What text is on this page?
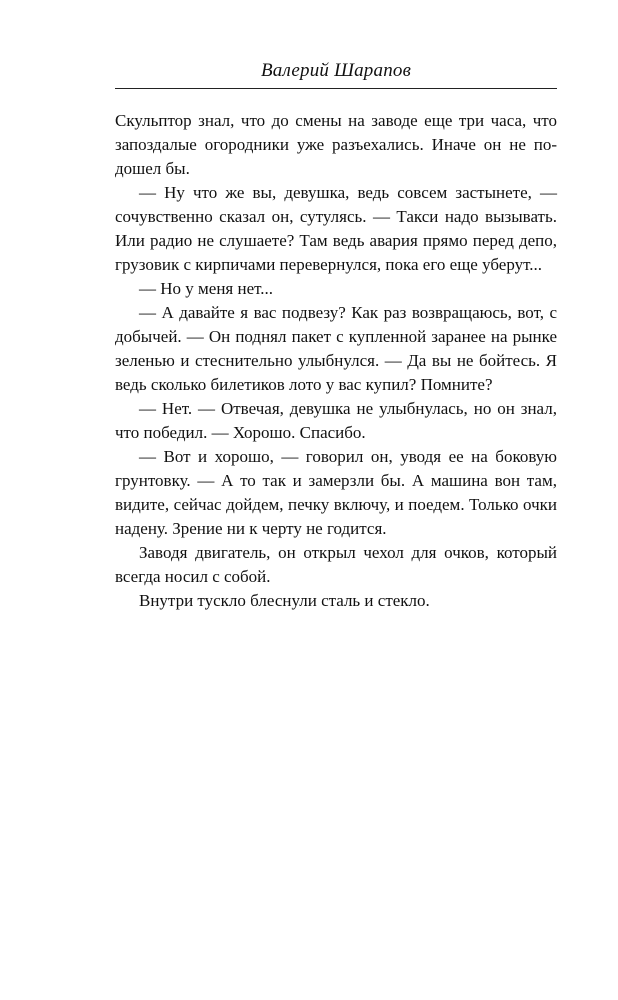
Валерий Шарапов

Скульптор знал, что до смены на заводе еще три часа, что запоздалые огородники уже разъехались. Иначе он не подошел бы.

— Ну что же вы, девушка, ведь совсем застынете, — сочувственно сказал он, сутулясь. — Такси надо вызывать. Или радио не слушаете? Там ведь авария прямо перед депо, грузовик с кирпичами перевернулся, пока его еще уберут...

— Но у меня нет...

— А давайте я вас подвезу? Как раз возвращаюсь, вот, с добычей. — Он поднял пакет с купленной заранее на рынке зеленью и стеснительно улыбнулся. — Да вы не бойтесь. Я ведь сколько билетиков лото у вас купил? Помните?

— Нет. — Отвечая, девушка не улыбнулась, но он знал, что победил. — Хорошо. Спасибо.

— Вот и хорошо, — говорил он, уводя ее на боковую грунтовку. — А то так и замерзли бы. А машина вон там, видите, сейчас дойдем, печку включу, и поедем. Только очки надену. Зрение ни к черту не годится.

Заводя двигатель, он открыл чехол для очков, который всегда носил с собой.

Внутри тускло блеснули сталь и стекло.
